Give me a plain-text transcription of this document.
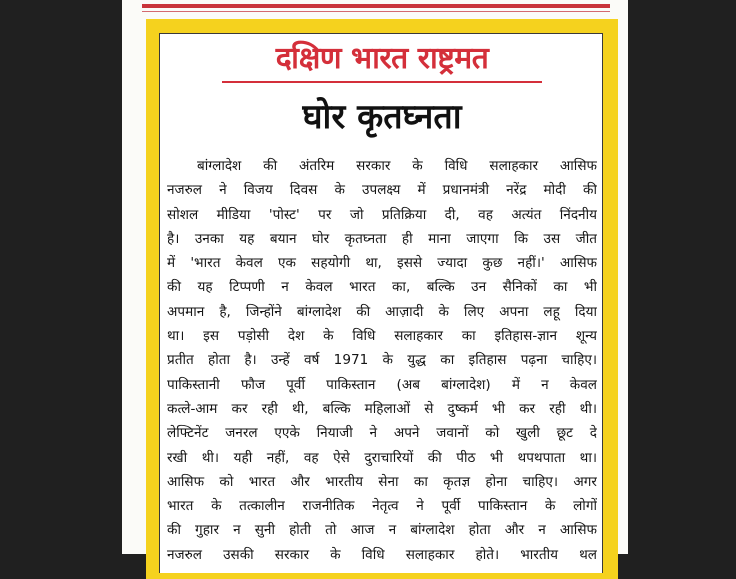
दक्षिण भारत राष्ट्रमत
घोर कृतघ्नता
बांग्लादेश की अंतरिम सरकार के विधि सलाहकार आसिफ
नजरुल ने विजय दिवस के उपलक्ष्य में प्रधानमंत्री नरेंद्र मोदी की
सोशल मीडिया 'पोस्ट' पर जो प्रतिक्रिया दी, वह अत्यंत निंदनीय
है। उनका यह बयान घोर कृतघ्नता ही माना जाएगा कि उस जीत
में 'भारत केवल एक सहयोगी था, इससे ज्यादा कुछ नहीं।' आसिफ
की यह टिप्पणी न केवल भारत का, बल्कि उन सैनिकों का भी
अपमान है, जिन्होंने बांग्लादेश की आज़ादी के लिए अपना लहू दिया
था। इस पड़ोसी देश के विधि सलाहकार का इतिहास-ज्ञान शून्य
प्रतीत होता है। उन्हें वर्ष 1971 के युद्ध का इतिहास पढ़ना चाहिए।
पाकिस्तानी फौज पूर्वी पाकिस्तान (अब बांग्लादेश) में न केवल
कत्ले-आम कर रही थी, बल्कि महिलाओं से दुष्कर्म भी कर रही थी।
लेफ्टिनेंट जनरल एएके नियाजी ने अपने जवानों को खुली छूट दे
रखी थी। यही नहीं, वह ऐसे दुराचारियों की पीठ भी थपथपाता था।
आसिफ को भारत और भारतीय सेना का कृतज्ञ होना चाहिए। अगर
भारत के तत्कालीन राजनीतिक नेतृत्व ने पूर्वी पाकिस्तान के लोगों
की गुहार न सुनी होती तो आज न बांग्लादेश होता और न आसिफ
नजरुल उसकी सरकार के विधि सलाहकार होते। भारतीय थल
